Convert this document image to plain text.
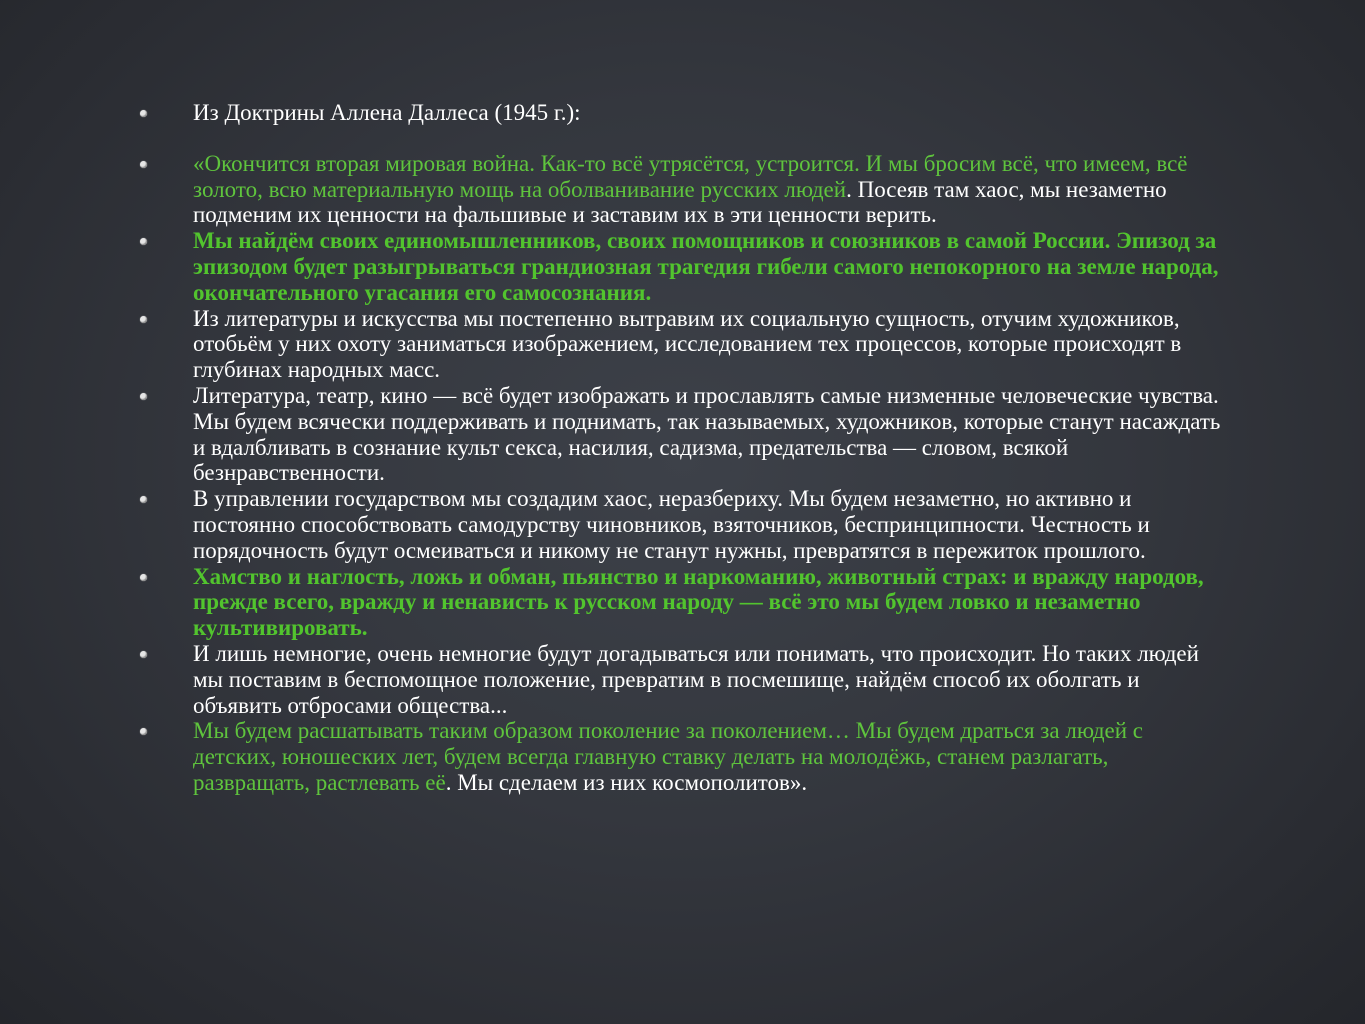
Из Доктрины Аллена Даллеса (1945 г.):
«Окончится вторая мировая война. Как-то всё утрясётся, устроится. И мы бросим всё, что имеем, всё золото, всю материальную мощь на оболванивание русских людей. Посеяв там хаос, мы незаметно подменим их ценности на фальшивые и заставим их в эти ценности верить.
Мы найдём своих единомышленников, своих помощников и союзников в самой России. Эпизод за эпизодом будет разыгрываться грандиозная трагедия гибели самого непокорного на земле народа, окончательного угасания его самосознания.
Из литературы и искусства мы постепенно вытравим их социальную сущность, отучим художников, отобьём у них охоту заниматься изображением, исследованием тех процессов, которые происходят в глубинах народных масс.
Литература, театр, кино — всё будет изображать и прославлять самые низменные человеческие чувства. Мы будем всячески поддерживать и поднимать, так называемых, художников, которые станут насаждать и вдалбливать в сознание культ секса, насилия, садизма, предательства — словом, всякой безнравственности.
В управлении государством мы создадим хаос, неразбериху. Мы будем незаметно, но активно и постоянно способствовать самодурству чиновников, взяточников, беспринципности. Честность и порядочность будут осмеиваться и никому не станут нужны, превратятся в пережиток прошлого.
Хамство и наглость, ложь и обман, пьянство и наркоманию, животный страх: и вражду народов, прежде всего, вражду и ненависть к русском народу — всё это мы будем ловко и незаметно культивировать.
И лишь немногие, очень немногие будут догадываться или понимать, что происходит. Но таких людей мы поставим в беспомощное положение, превратим в посмешище, найдём способ их оболгать и объявить отбросами общества...
Мы будем расшатывать таким образом поколение за поколением… Мы будем драться за людей с детских, юношеских лет, будем всегда главную ставку делать на молодёжь, станем разлагать, развращать, растлевать её. Мы сделаем из них космополитов».
